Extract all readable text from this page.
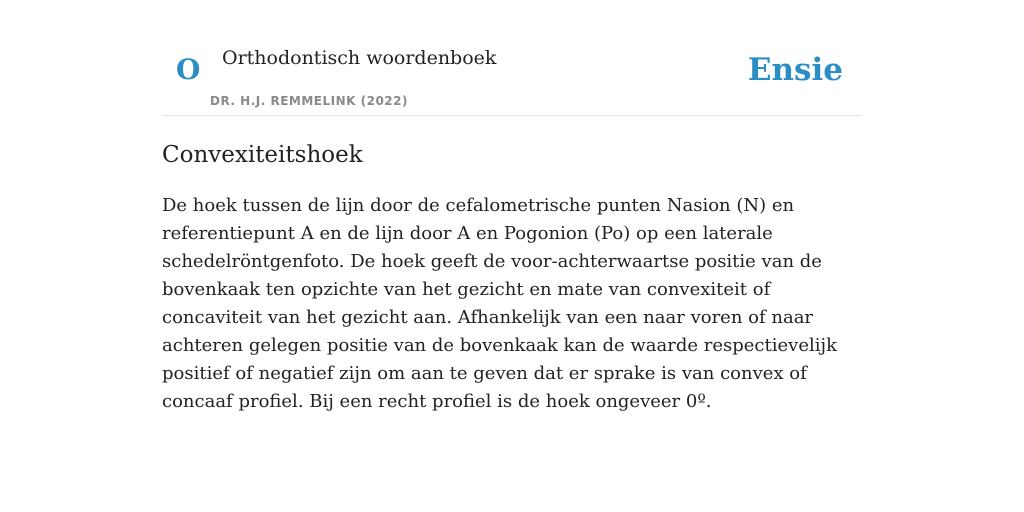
O Orthodontisch woordenboek
DR. H.J. REMMELINK (2022)
Ensie
Convexiteitshoek

De hoek tussen de lijn door de cefalometrische punten Nasion (N) en referentiepunt A en de lijn door A en Pogonion (Po) op een laterale schedelröntgenfoto. De hoek geeft de voor-achterwaartse positie van de bovenkaak ten opzichte van het gezicht en mate van convexiteit of concaviteit van het gezicht aan. Afhankelijk van een naar voren of naar achteren gelegen positie van de bovenkaak kan de waarde respectievelijk positief of negatief zijn om aan te geven dat er sprake is van convex of concaaf profiel. Bij een recht profiel is de hoek ongeveer 0º.
